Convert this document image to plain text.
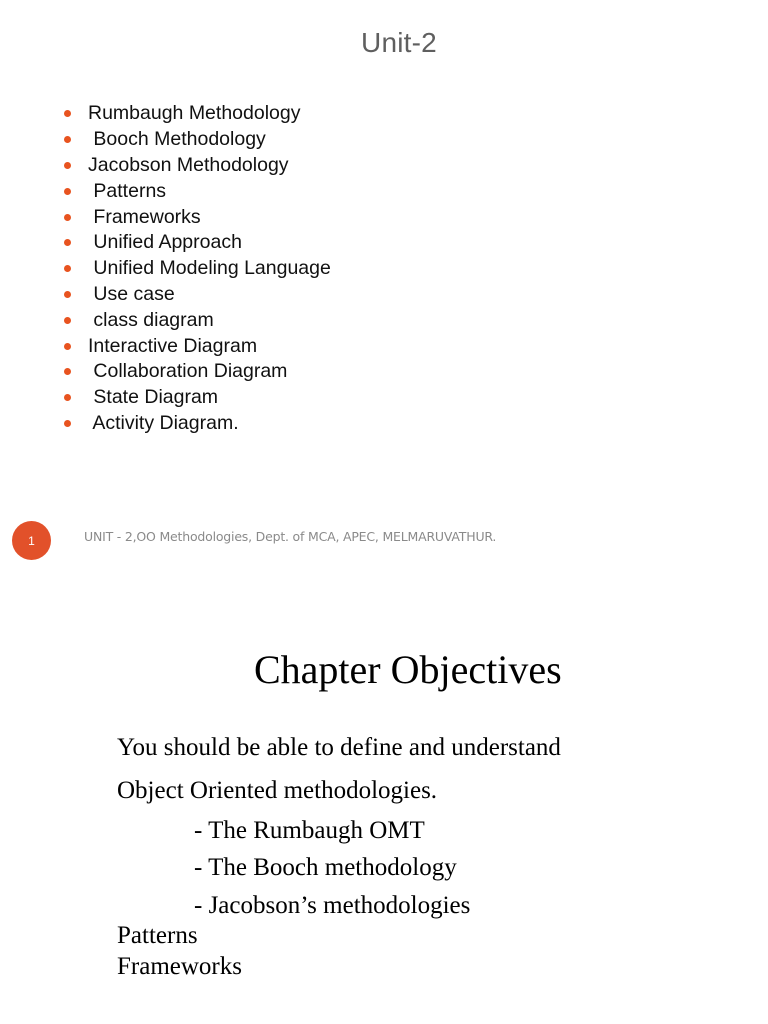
Unit-2
Rumbaugh Methodology
Booch Methodology
Jacobson Methodology
Patterns
Frameworks
Unified Approach
Unified Modeling Language
Use case
class diagram
Interactive Diagram
Collaboration Diagram
State Diagram
Activity Diagram.
1	UNIT - 2,OO Methodologies, Dept. of MCA, APEC, MELMARUVATHUR.
Chapter Objectives
You should be able to define and understand
Object Oriented methodologies.
- The Rumbaugh OMT
- The Booch methodology
- Jacobson’s methodologies
Patterns
Frameworks
